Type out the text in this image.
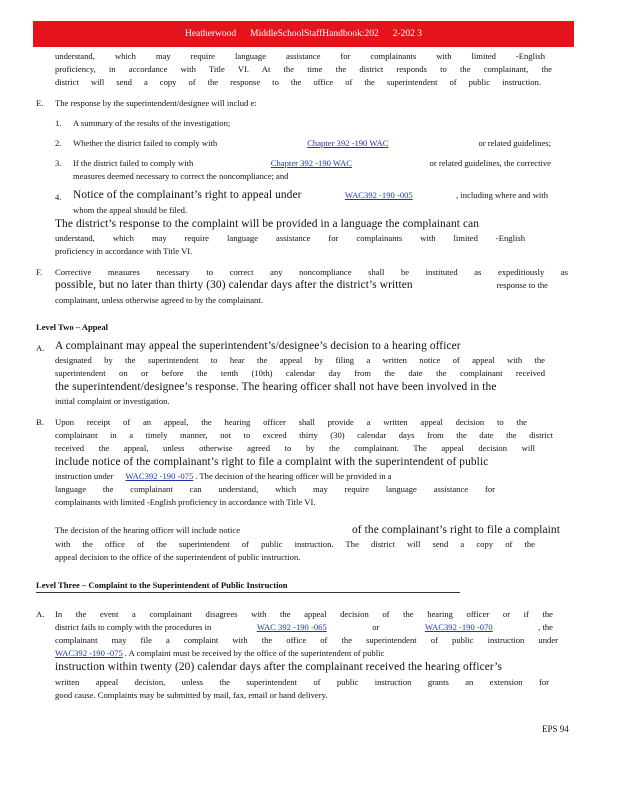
Heatherwood MiddleSchoolStaffHandbook:202 2-202 3
understand, which may require language assistance for complainants with limited -English
proficiency, in accordance with Title VI. At the time the district responds to the complainant, the
district will send a copy of the response to the office of the superintendent of public instruction.
E. The response by the superintendent/designee will includ e:
1. A summary of the results of the investigation;
2. Whether the district failed to comply with	Chapter 392 -190 WAC	or related guidelines;
3. If the district failed to comply with	Chapter 392 -190 WAC	or related guidelines, the corrective
measures deemed necessary to correct the noncompliance; and
4. Notice of the complainant’s right to appeal under	WAC392 -190 -005	, including where and with
whom the appeal should be filed.
The district’s response to the complaint will be provided in a language the complainant can
understand, which may require language assistance for complainants with limited -English
proficiency in accordance with Title VI.
F. Corrective measures necessary to correct any noncompliance shall be instituted as expeditiously as
possible, but no later than thirty (30) calendar days after the district’s written	response to the
complainant, unless otherwise agreed to by the complainant.
Level Two – Appeal
A. A complainant may appeal the superintendent’s/designee’s decision to a hearing officer
designated by the superintendent to hear the appeal by filing a written notice of appeal with the
superintendent on or before the tenth (10th) calendar day from the date the complainant received
the superintendent/designee’s response. The hearing officer shall not have been involved in the
initial complaint or investigation.
B. Upon receipt of an appeal, the hearing officer shall provide a written appeal decision to the
complainant in a timely manner, not to exceed thirty (30) calendar days from the date the district
received the appeal, unless otherwise agreed to by the complainant. The appeal decision will
include notice of the complainant’s right to file a complaint with the superintendent of public
instruction under WAC392 -190 -075 . The decision of the hearing officer will be provided in a
language the complainant can understand, which may require language assistance for
complainants with limited -English proficiency in accordance with Title VI.
The decision of the hearing officer will include notice	of the complainant’s right to file a complaint
with the office of the superintendent of public instruction. The district will send a copy of the
appeal decision to the office of the superintendent of public instruction.
Level Three – Complaint to the Superintendent of Public Instruction
A. In the event a complainant disagrees with the appeal decision of the hearing officer or if the
district fails to comply with the procedures in	WAC 392 -190 -065	or	WAC392 -190 -070	, the
complainant may file a complaint with the office of the superintendent of public instruction under
WAC392 -190 -075 . A complaint must be received by the office of the superintendent of public
instruction within twenty (20) calendar days after the complainant received the hearing officer’s
written appeal decision, unless the superintendent of public instruction grants an extension for
good cause. Complaints may be submitted by mail, fax, email or hand delivery.
EPS 94
